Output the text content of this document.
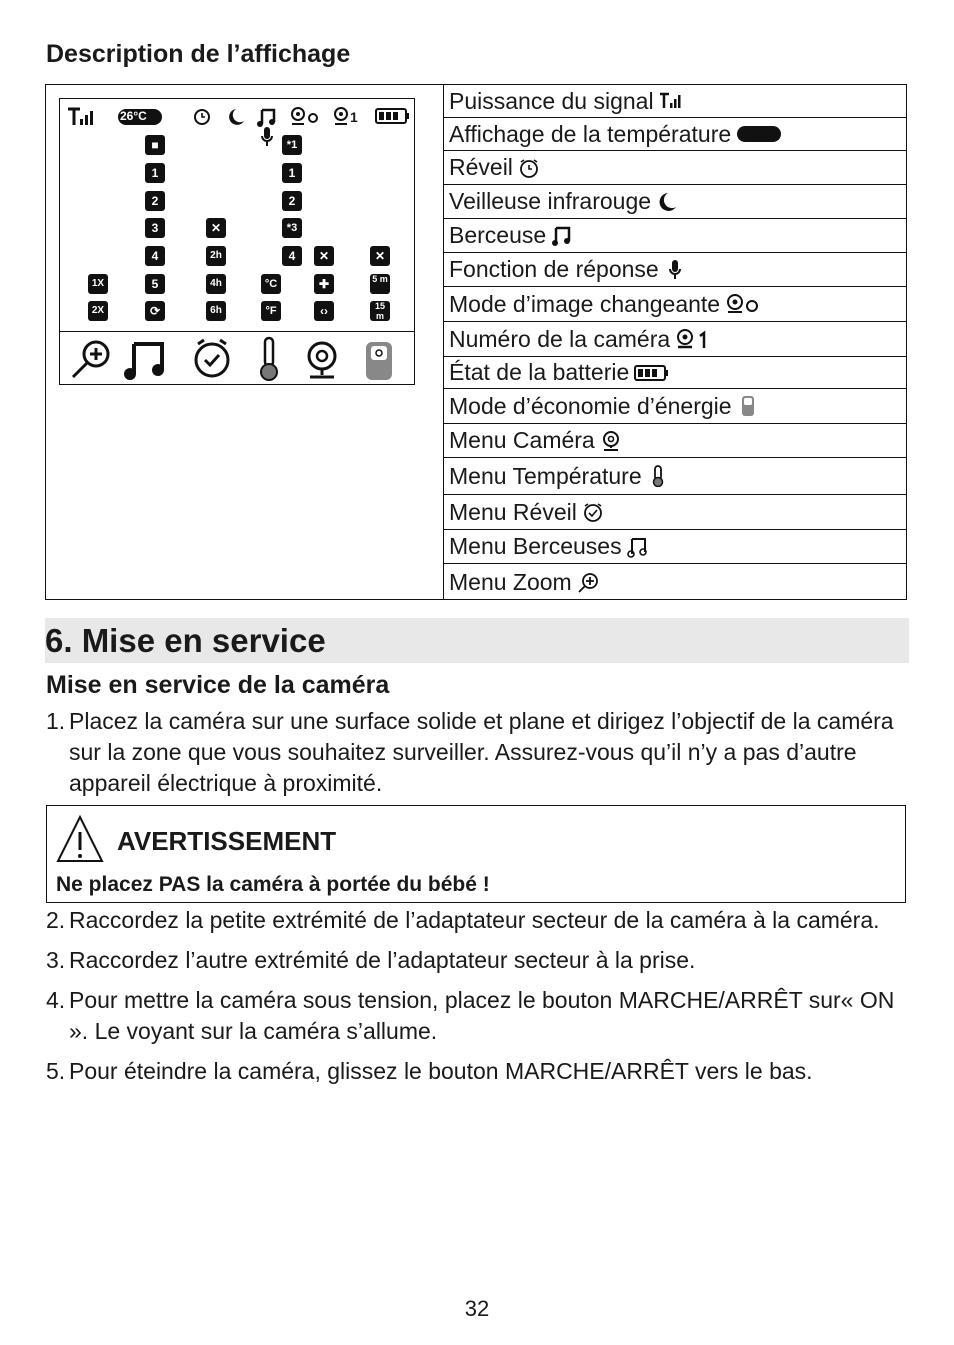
Description de l’affichage
26°C	1
■
1
2
3
4
5
⟳
1X
2X
✕
2h
4h
6h
°C
°F
*1
1
2
*3
4	✕
✚
‹›
✕
5 m
15 m
Puissance du signal
Affichage de la température
Réveil
Veilleuse infrarouge
Berceuse
Fonction de réponse
Mode d’image changeante
Numéro de la caméra
État de la batterie
Mode d’économie d’énergie
Menu Caméra
Menu Température
Menu Réveil
Menu Berceuses
Menu Zoom
6. Mise en service
Mise en service de la caméra
1. Placez la caméra sur une surface solide et plane et dirigez l’objectif de la caméra sur la zone que vous souhaitez surveiller. Assurez-vous qu’il n’y a pas d’autre appareil électrique à proximité.
AVERTISSEMENT
Ne placez PAS la caméra à portée du bébé !
2. Raccordez la petite extrémité de l’adaptateur secteur de la caméra à la caméra.
3. Raccordez l’autre extrémité de l’adaptateur secteur à la prise.
4. Pour mettre la caméra sous tension, placez le bouton MARCHE/ARRÊT sur« ON ». Le voyant sur la caméra s’allume.
5. Pour éteindre la caméra, glissez le bouton MARCHE/ARRÊT vers le bas.
32
